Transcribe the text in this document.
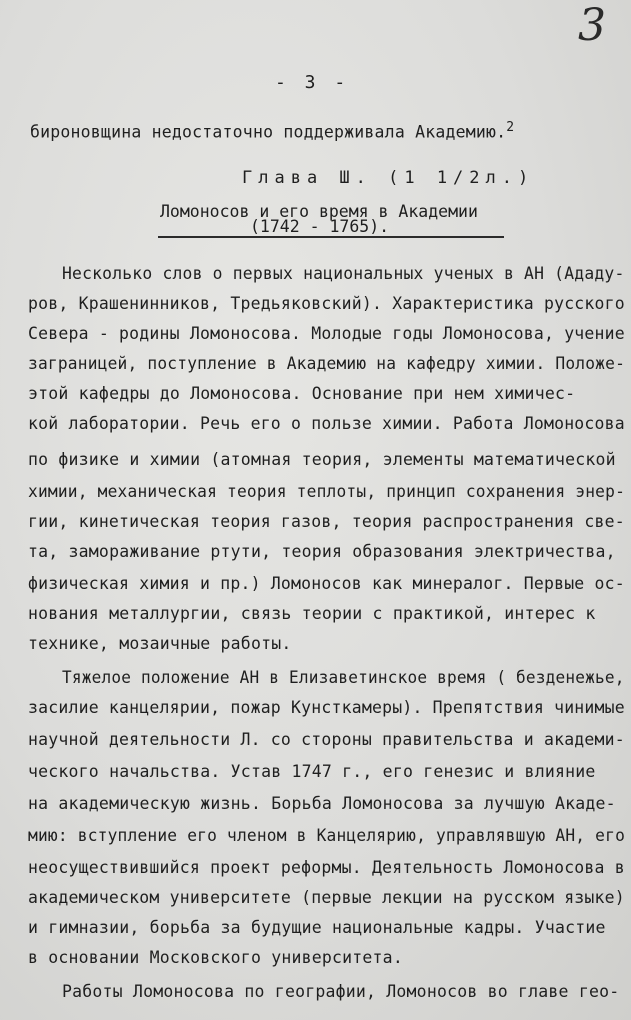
3
- 3 -
бироновщина недостаточно поддерживала Академию.$^2$
Глава Ш. (1 1/2л.)
Ломоносов и его время в Академии
(1742 - 1765).
Несколько слов о первых национальных ученых в АН (Ададу-
ров, Крашенинников, Тредьяковский). Характеристика русского
Севера - родины Ломоносова. Молодые годы Ломоносова, учение
заграницей, поступление в Академию на кафедру химии. Положе-
этой кафедры до Ломоносова. Основание при нем химичес-
кой лаборатории. Речь его о пользе химии. Работа Ломоносова
по физике и химии (атомная теория, элементы математической
химии, механическая теория теплоты, принцип сохранения энер-
гии, кинетическая теория газов, теория распространения све-
та, замораживание ртути, теория образования электричества,
физическая химия и пр.) Ломоносов как минералог. Первые ос-
нования металлургии, связь теории с практикой, интерес к
технике, мозаичные работы.
Тяжелое положение АН в Елизаветинское время ( безденежье,
засилие канцелярии, пожар Кунсткамеры). Препятствия чинимые
научной деятельности Л. со стороны правительства и академи-
ческого начальства. Устав 1747 г., его генезис и влияние
на академическую жизнь. Борьба Ломоносова за лучшую Акаде-
мию: вступление его членом в Канцелярию, управлявшую АН, его
неосуществившийся проект реформы. Деятельность Ломоносова в
академическом университете (первые лекции на русском языке)
и гимназии, борьба за будущие национальные кадры. Участие
в основании Московского университета.
Работы Ломоносова по географии, Ломоносов во главе гео-
